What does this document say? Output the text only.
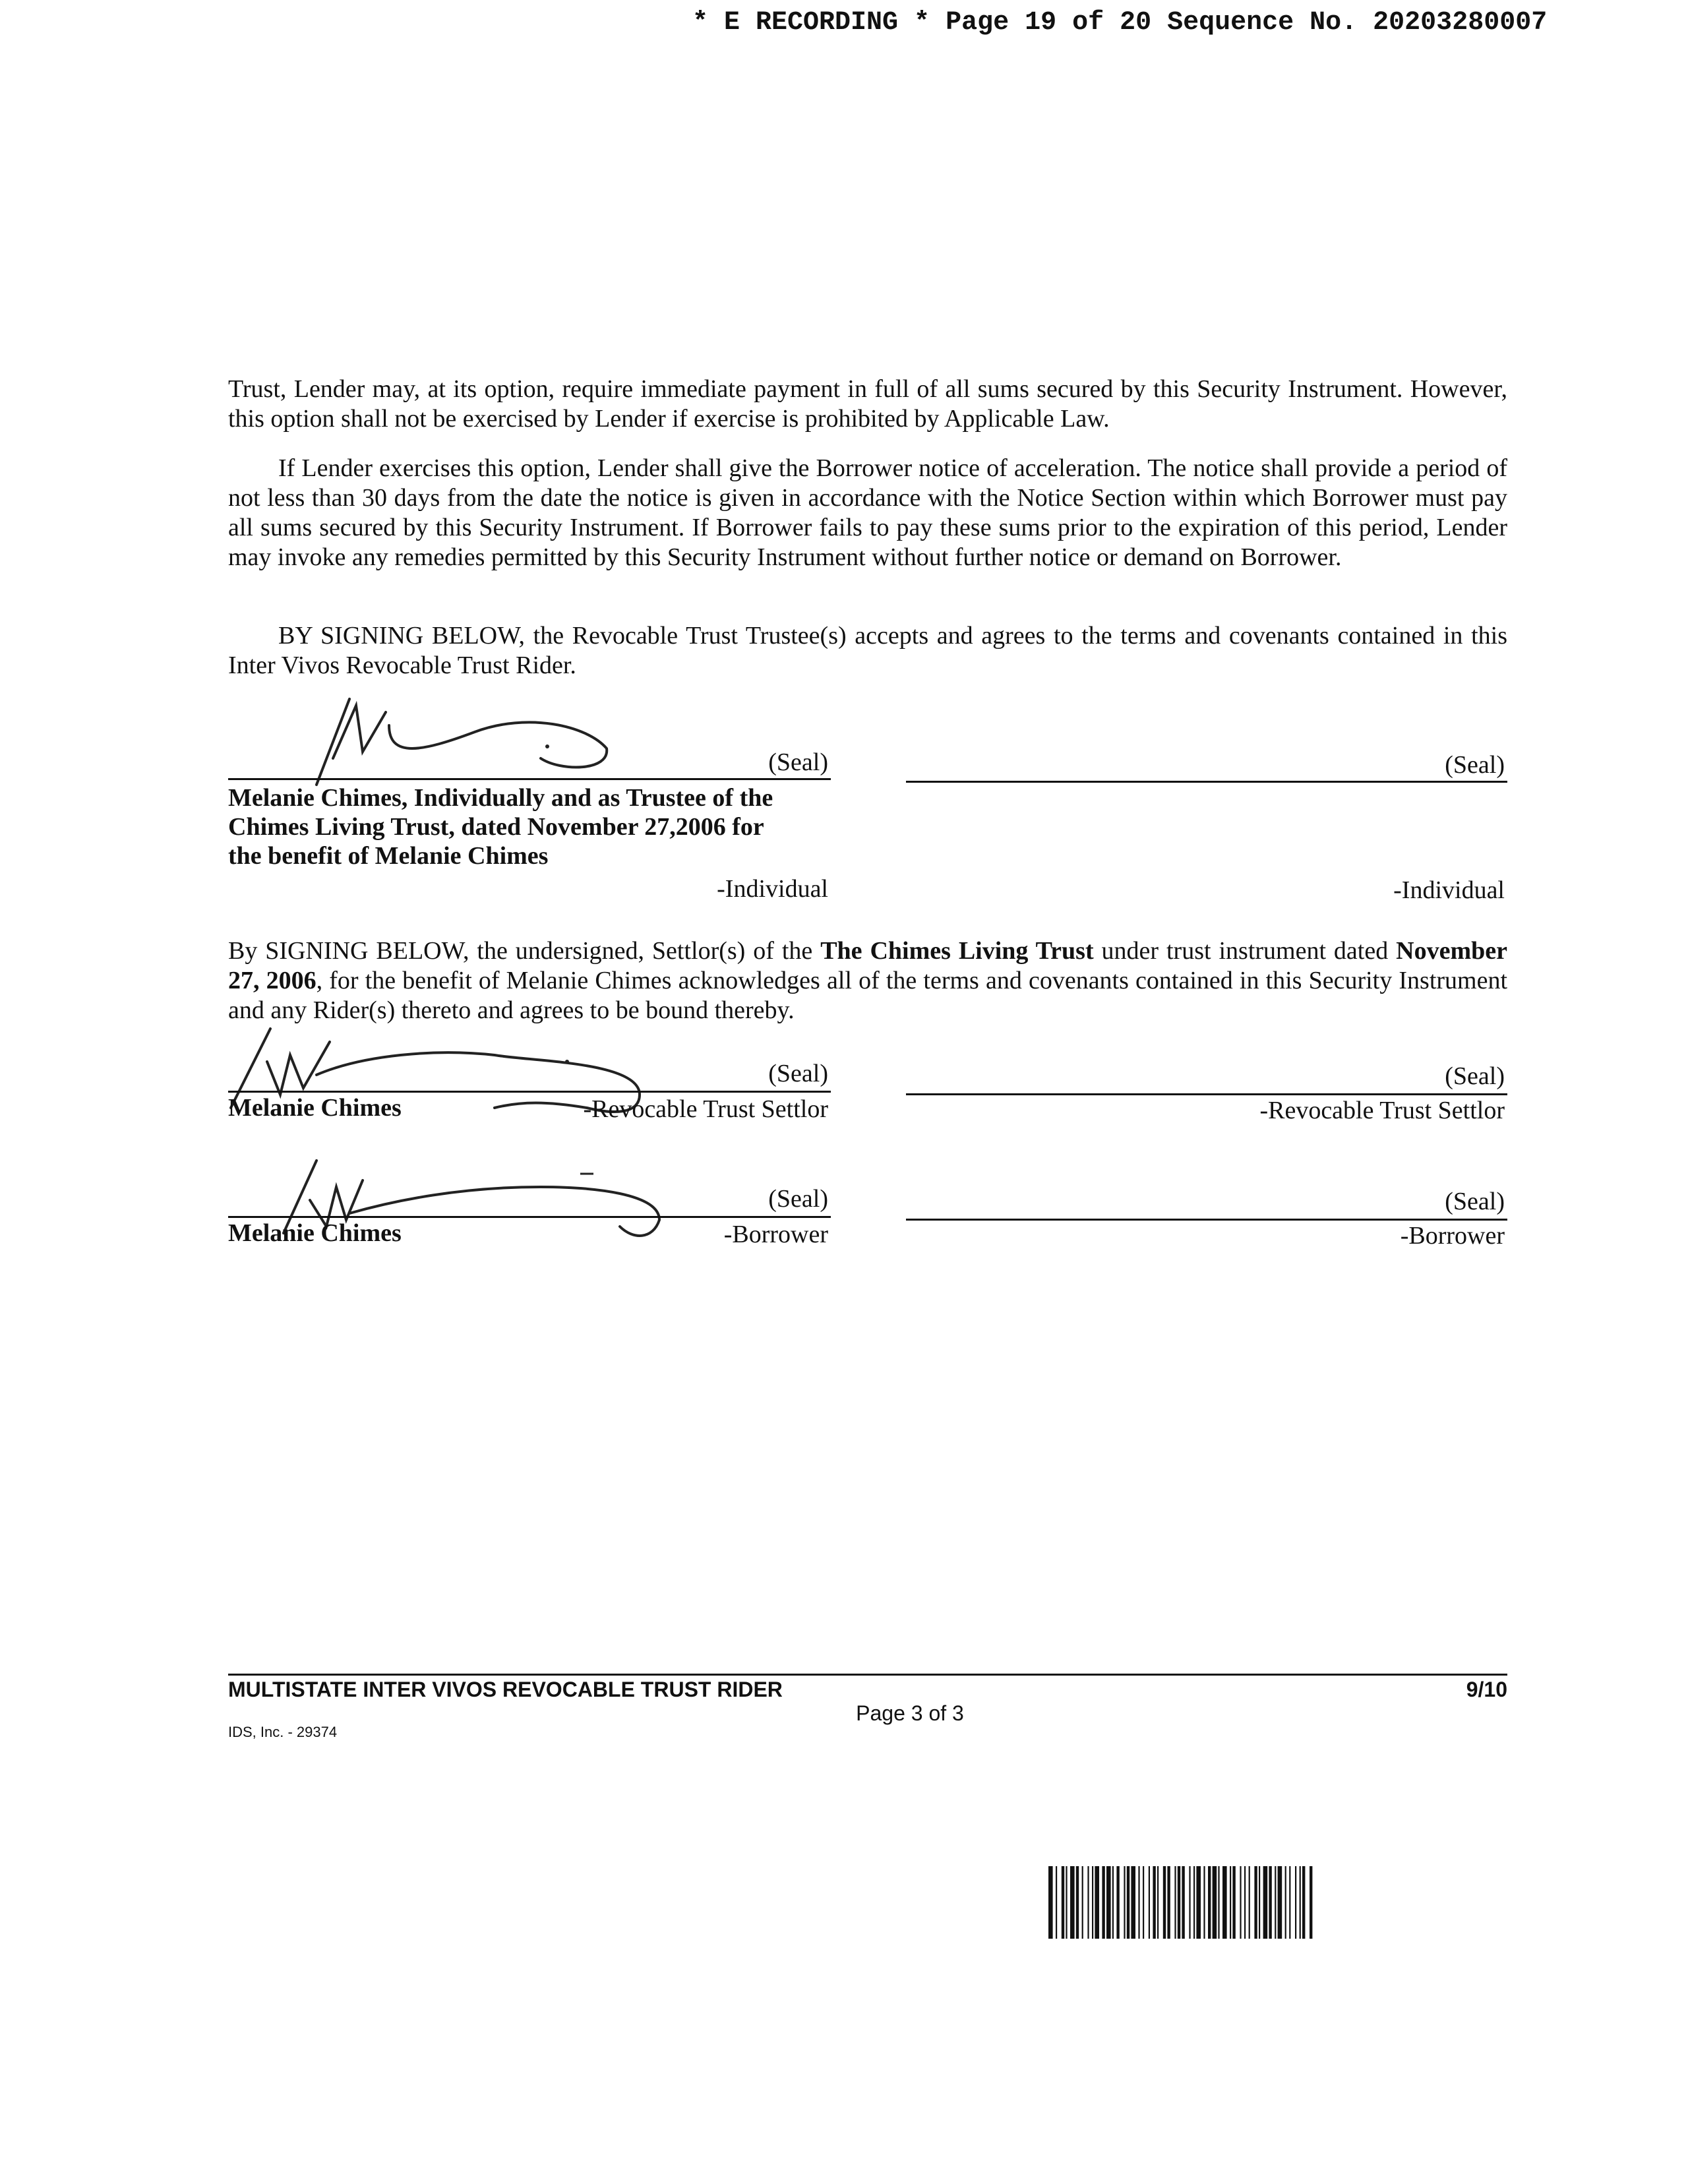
* E RECORDING * Page 19 of 20 Sequence No. 20203280007

Trust, Lender may, at its option, require immediate payment in full of all sums secured by this Security Instrument. However, this option shall not be exercised by Lender if exercise is prohibited by Applicable Law.

If Lender exercises this option, Lender shall give the Borrower notice of acceleration. The notice shall provide a period of not less than 30 days from the date the notice is given in accordance with the Notice Section within which Borrower must pay all sums secured by this Security Instrument. If Borrower fails to pay these sums prior to the expiration of this period, Lender may invoke any remedies permitted by this Security Instrument without further notice or demand on Borrower.

BY SIGNING BELOW, the Revocable Trust Trustee(s) accepts and agrees to the terms and covenants contained in this Inter Vivos Revocable Trust Rider.

(Seal)
Melanie Chimes, Individually and as Trustee of the
Chimes Living Trust, dated November 27,2006 for
the benefit of Melanie Chimes
-Individual
(Seal)
-Individual

By SIGNING BELOW, the undersigned, Settlor(s) of the The Chimes Living Trust under trust instrument dated November 27, 2006, for the benefit of Melanie Chimes acknowledges all of the terms and covenants contained in this Security Instrument and any Rider(s) thereto and agrees to be bound thereby.

(Seal)
Melanie Chimes	-Revocable Trust Settlor
(Seal)
-Revocable Trust Settlor
(Seal)
Melanie Chimes	-Borrower
(Seal)
-Borrower
MULTISTATE INTER VIVOS REVOCABLE TRUST RIDER	9/10
Page 3 of 3
IDS, Inc. - 29374
